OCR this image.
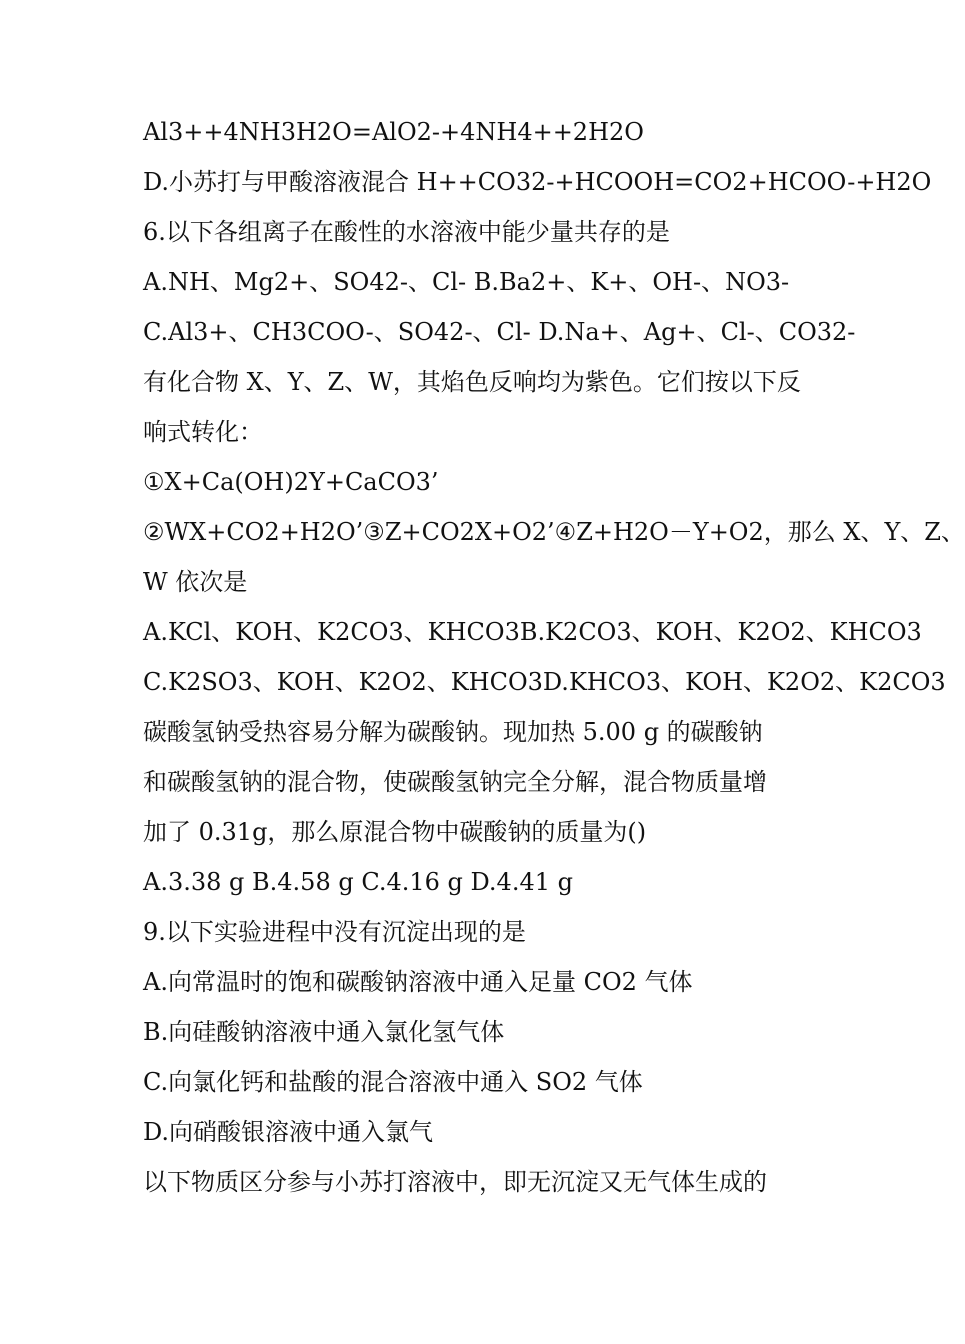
Al3++4NH3H2O=AlO2-+4NH4++2H2O
D.小苏打与甲酸溶液混合 H++CO32-+HCOOH=CO2+HCOO-+H2O
6.以下各组离子在酸性的水溶液中能少量共存的是
A.NH、Mg2+、SO42-、Cl- B.Ba2+、K+、OH-、NO3-
C.Al3+、CH3COO-、SO42-、Cl- D.Na+、Ag+、Cl-、CO32-
有化合物 X、Y、Z、W，其焰色反响均为紫色。它们按以下反
响式转化：
①X+Ca(OH)2Y+CaCO3’
②WX+CO2+H2O’③Z+CO2X+O2’④Z+H2O－Y+O2，那么 X、Y、Z、
W 依次是
A.KCl、KOH、K2CO3、KHCO3B.K2CO3、KOH、K2O2、KHCO3
C.K2SO3、KOH、K2O2、KHCO3D.KHCO3、KOH、K2O2、K2CO3
碳酸氢钠受热容易分解为碳酸钠。现加热 5.00 g 的碳酸钠
和碳酸氢钠的混合物，使碳酸氢钠完全分解，混合物质量增
加了 0.31g，那么原混合物中碳酸钠的质量为()
A.3.38 g B.4.58 g C.4.16 g D.4.41 g
9.以下实验进程中没有沉淀出现的是
A.向常温时的饱和碳酸钠溶液中通入足量 CO2 气体
B.向硅酸钠溶液中通入氯化氢气体
C.向氯化钙和盐酸的混合溶液中通入 SO2 气体
D.向硝酸银溶液中通入氯气
以下物质区分参与小苏打溶液中，即无沉淀又无气体生成的
